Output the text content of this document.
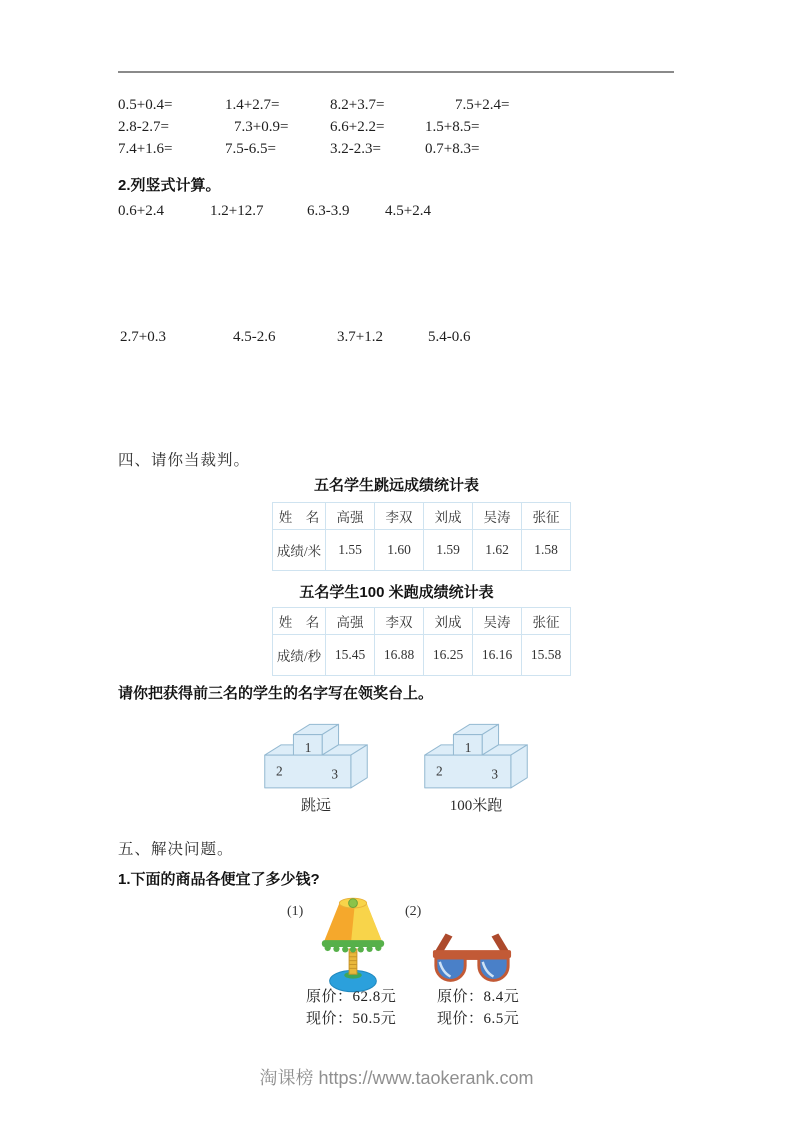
0.5+0.4=	1.4+2.7=	8.2+3.7=	7.5+2.4=
2.8-2.7=	7.3+0.9=	6.6+2.2=	1.5+8.5=
7.4+1.6=	7.5-6.5=	3.2-2.3=	0.7+8.3=
2.列竖式计算。
0.6+2.4	1.2+12.7	6.3-3.9	4.5+2.4
2.7+0.3	4.5-2.6	3.7+1.2	5.4-0.6
四、请你当裁判。
五名学生跳远成绩统计表
姓　名	高强	李双	刘成	吴涛	张征
成绩/米	1.55	1.60	1.59	1.62	1.58
五名学生100 米跑成绩统计表
姓　名	高强	李双	刘成	吴涛	张征
成绩/秒	15.45	16.88	16.25	16.16	15.58
请你把获得前三名的学生的名字写在领奖台上。
1
2	3
跳远
1
2	3
100米跑
五、解决问题。
1.下面的商品各便宜了多少钱?
(1)
原价：62.8元
现价：50.5元
(2)
原价：8.4元
现价：6.5元
淘课榜 https://www.taokerank.com
